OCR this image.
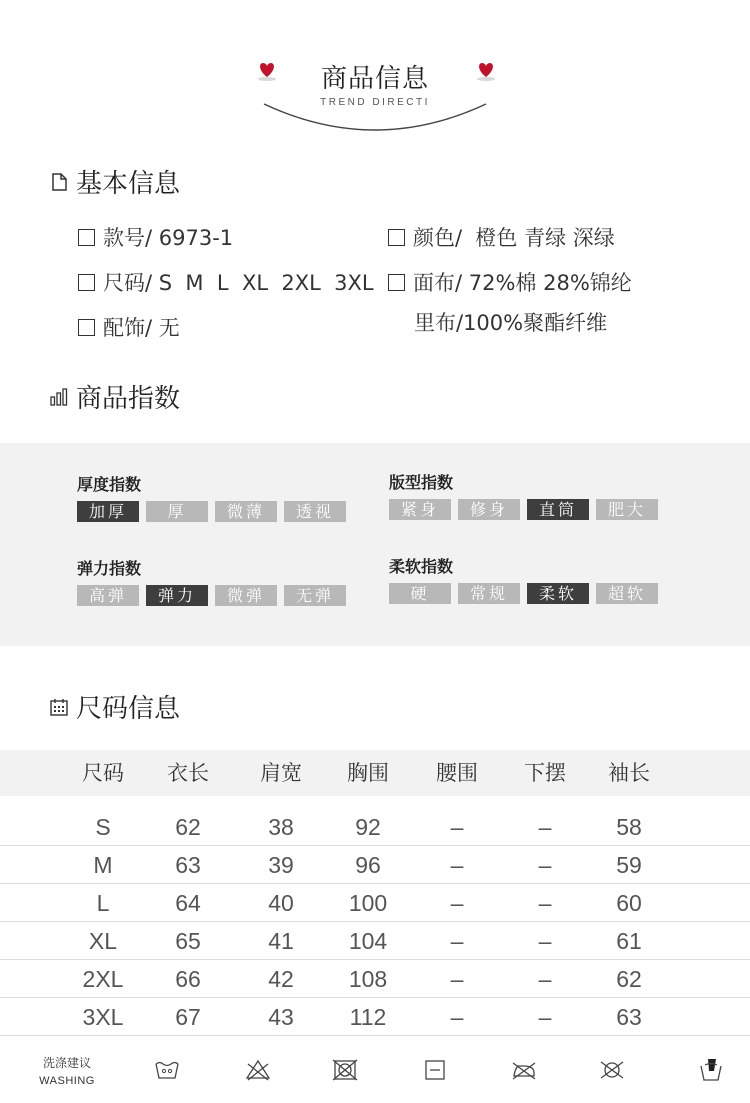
商品信息
TREND DIRECTI
基本信息
款号/ 6973-1
尺码/ S  M  L  XL  2XL  3XL
配饰/ 无
颜色/  橙色 青绿 深绿
面布/ 72%棉 28%锦纶
里布/100%聚酯纤维
商品指数
厚度指数
加厚	厚	微薄	透视
版型指数
紧身	修身	直筒	肥大
弹力指数
高弹	弹力	微弹	无弹
柔软指数
硬	常规	柔软	超软
尺码信息
尺码	衣长	肩宽	胸围	腰围	下摆	袖长
S	62	38	92	–	–	58
M	63	39	96	–	–	59
L	64	40	100	–	–	60
XL	65	41	104	–	–	61
2XL	66	42	108	–	–	62
3XL	67	43	112	–	–	63
洗涤建议
WASHING
